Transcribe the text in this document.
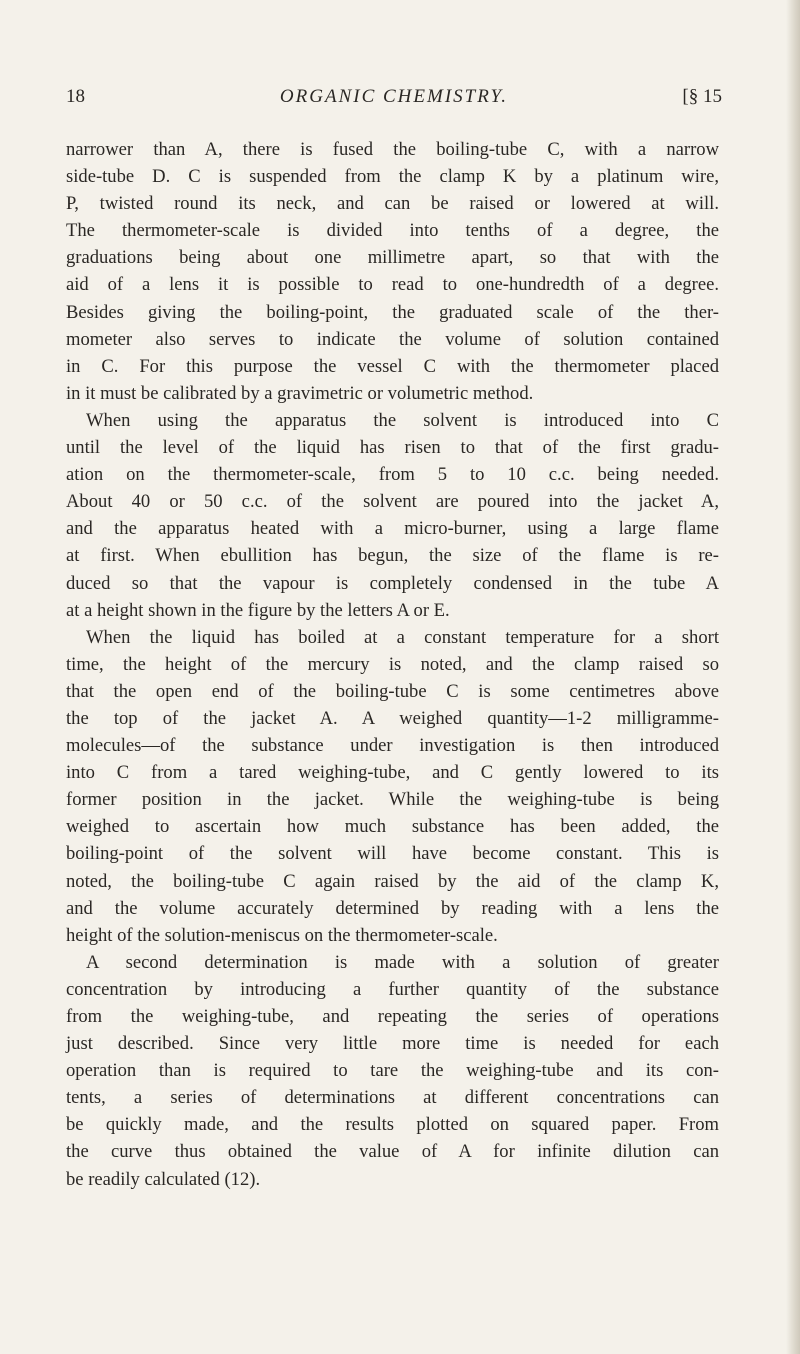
18	ORGANIC CHEMISTRY.	[§ 15
narrower than A, there is fused the boiling-tube C, with a narrow
side-tube D. C is suspended from the clamp K by a platinum wire,
P, twisted round its neck, and can be raised or lowered at will.
The thermometer-scale is divided into tenths of a degree, the
graduations being about one millimetre apart, so that with the
aid of a lens it is possible to read to one-hundredth of a degree.
Besides giving the boiling-point, the graduated scale of the ther-
mometer also serves to indicate the volume of solution contained
in C. For this purpose the vessel C with the thermometer placed
in it must be calibrated by a gravimetric or volumetric method.
When using the apparatus the solvent is introduced into C
until the level of the liquid has risen to that of the first gradu-
ation on the thermometer-scale, from 5 to 10 c.c. being needed.
About 40 or 50 c.c. of the solvent are poured into the jacket A,
and the apparatus heated with a micro-burner, using a large flame
at first. When ebullition has begun, the size of the flame is re-
duced so that the vapour is completely condensed in the tube A
at a height shown in the figure by the letters A or E.
When the liquid has boiled at a constant temperature for a short
time, the height of the mercury is noted, and the clamp raised so
that the open end of the boiling-tube C is some centimetres above
the top of the jacket A. A weighed quantity—1-2 milligramme-
molecules—of the substance under investigation is then introduced
into C from a tared weighing-tube, and C gently lowered to its
former position in the jacket. While the weighing-tube is being
weighed to ascertain how much substance has been added, the
boiling-point of the solvent will have become constant. This is
noted, the boiling-tube C again raised by the aid of the clamp K,
and the volume accurately determined by reading with a lens the
height of the solution-meniscus on the thermometer-scale.
A second determination is made with a solution of greater
concentration by introducing a further quantity of the substance
from the weighing-tube, and repeating the series of operations
just described. Since very little more time is needed for each
operation than is required to tare the weighing-tube and its con-
tents, a series of determinations at different concentrations can
be quickly made, and the results plotted on squared paper. From
the curve thus obtained the value of A for infinite dilution can
be readily calculated (12).
